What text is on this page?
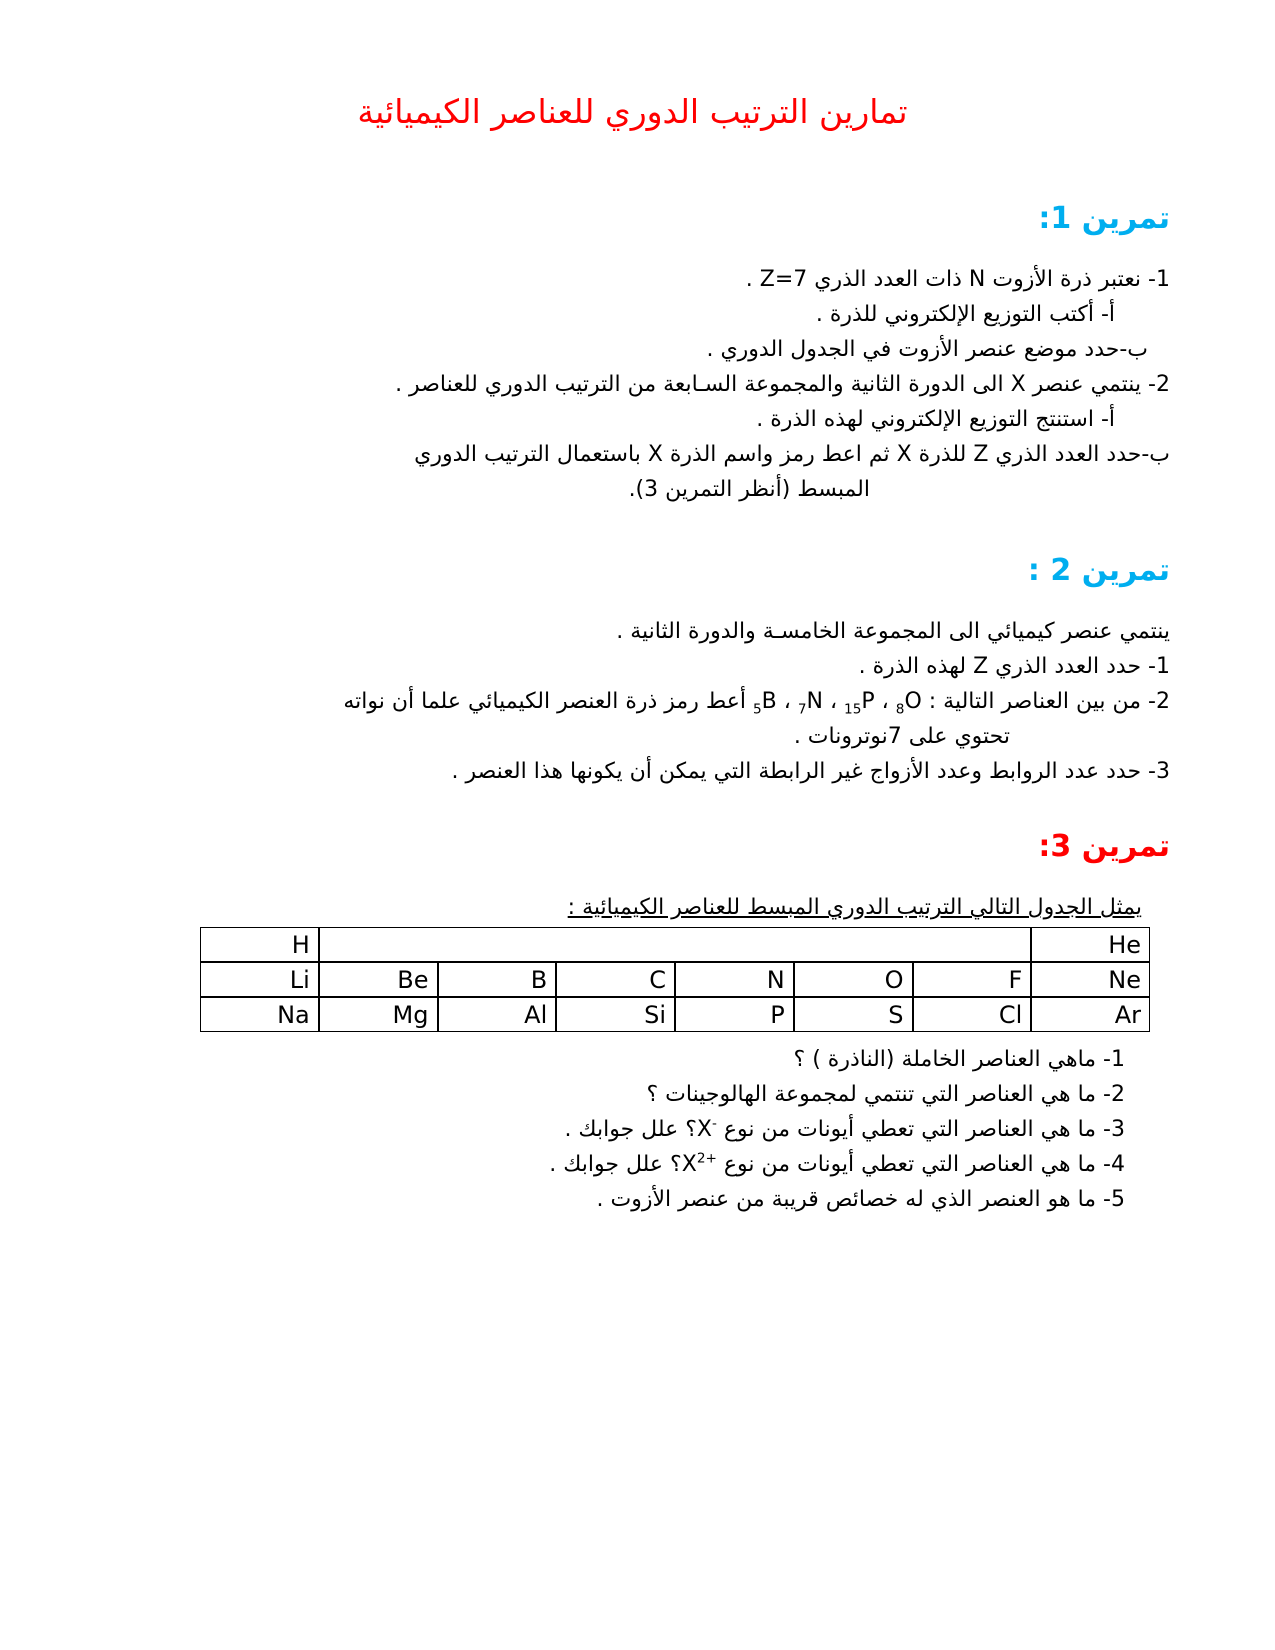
تمارين الترتيب الدوري للعناصر الكيميائية
تمرين 1:
1- نعتبر ذرة الأزوت N ذات العدد الذري Z=7 .
أ- أكتب التوزيع الإلكتروني للذرة .
ب-حدد موضع عنصر الأزوت في الجدول الدوري .
2- ينتمي عنصر X الى الدورة الثانية والمجموعة السـابعة من الترتيب الدوري للعناصر .
أ- استنتج التوزيع الإلكتروني لهذه الذرة .
ب-حدد العدد الذري Z للذرة X ثم اعط رمز واسم الذرة X باستعمال الترتيب الدوري
المبسط (أنظر التمرين 3).
تمرين 2 :
ينتمي عنصر كيميائي الى المجموعة الخامسـة والدورة الثانية .
1- حدد العدد الذري Z لهذه الذرة .
2- من بين العناصر التالية : $_8$O ، $_{15}$P ، $_7$N ، $_5$B أعط رمز ذرة العنصر الكيميائي علما أن نواته
تحتوي على 7نوترونات .
3- حدد عدد الروابط وعدد الأزواج غير الرابطة التي يمكن أن يكونها هذا العنصر .
تمرين 3:
يمثل الجدول التالي الترتيب الدوري المبسط للعناصر الكيميائية :
H							He
Li	Be	B	C	N	O	F	Ne
Na	Mg	Al	Si	P	S	Cl	Ar
1- ماهي العناصر الخاملة (الناذرة ) ؟
2- ما هي العناصر التي تنتمي لمجموعة الهالوجينات ؟
3- ما هي العناصر التي تعطي أيونات من نوع X-؟ علل جوابك .
4- ما هي العناصر التي تعطي أيونات من نوع $X^{2+}؟$ علل جوابك .
5- ما هو العنصر الذي له خصائص قريبة من عنصر الأزوت .
